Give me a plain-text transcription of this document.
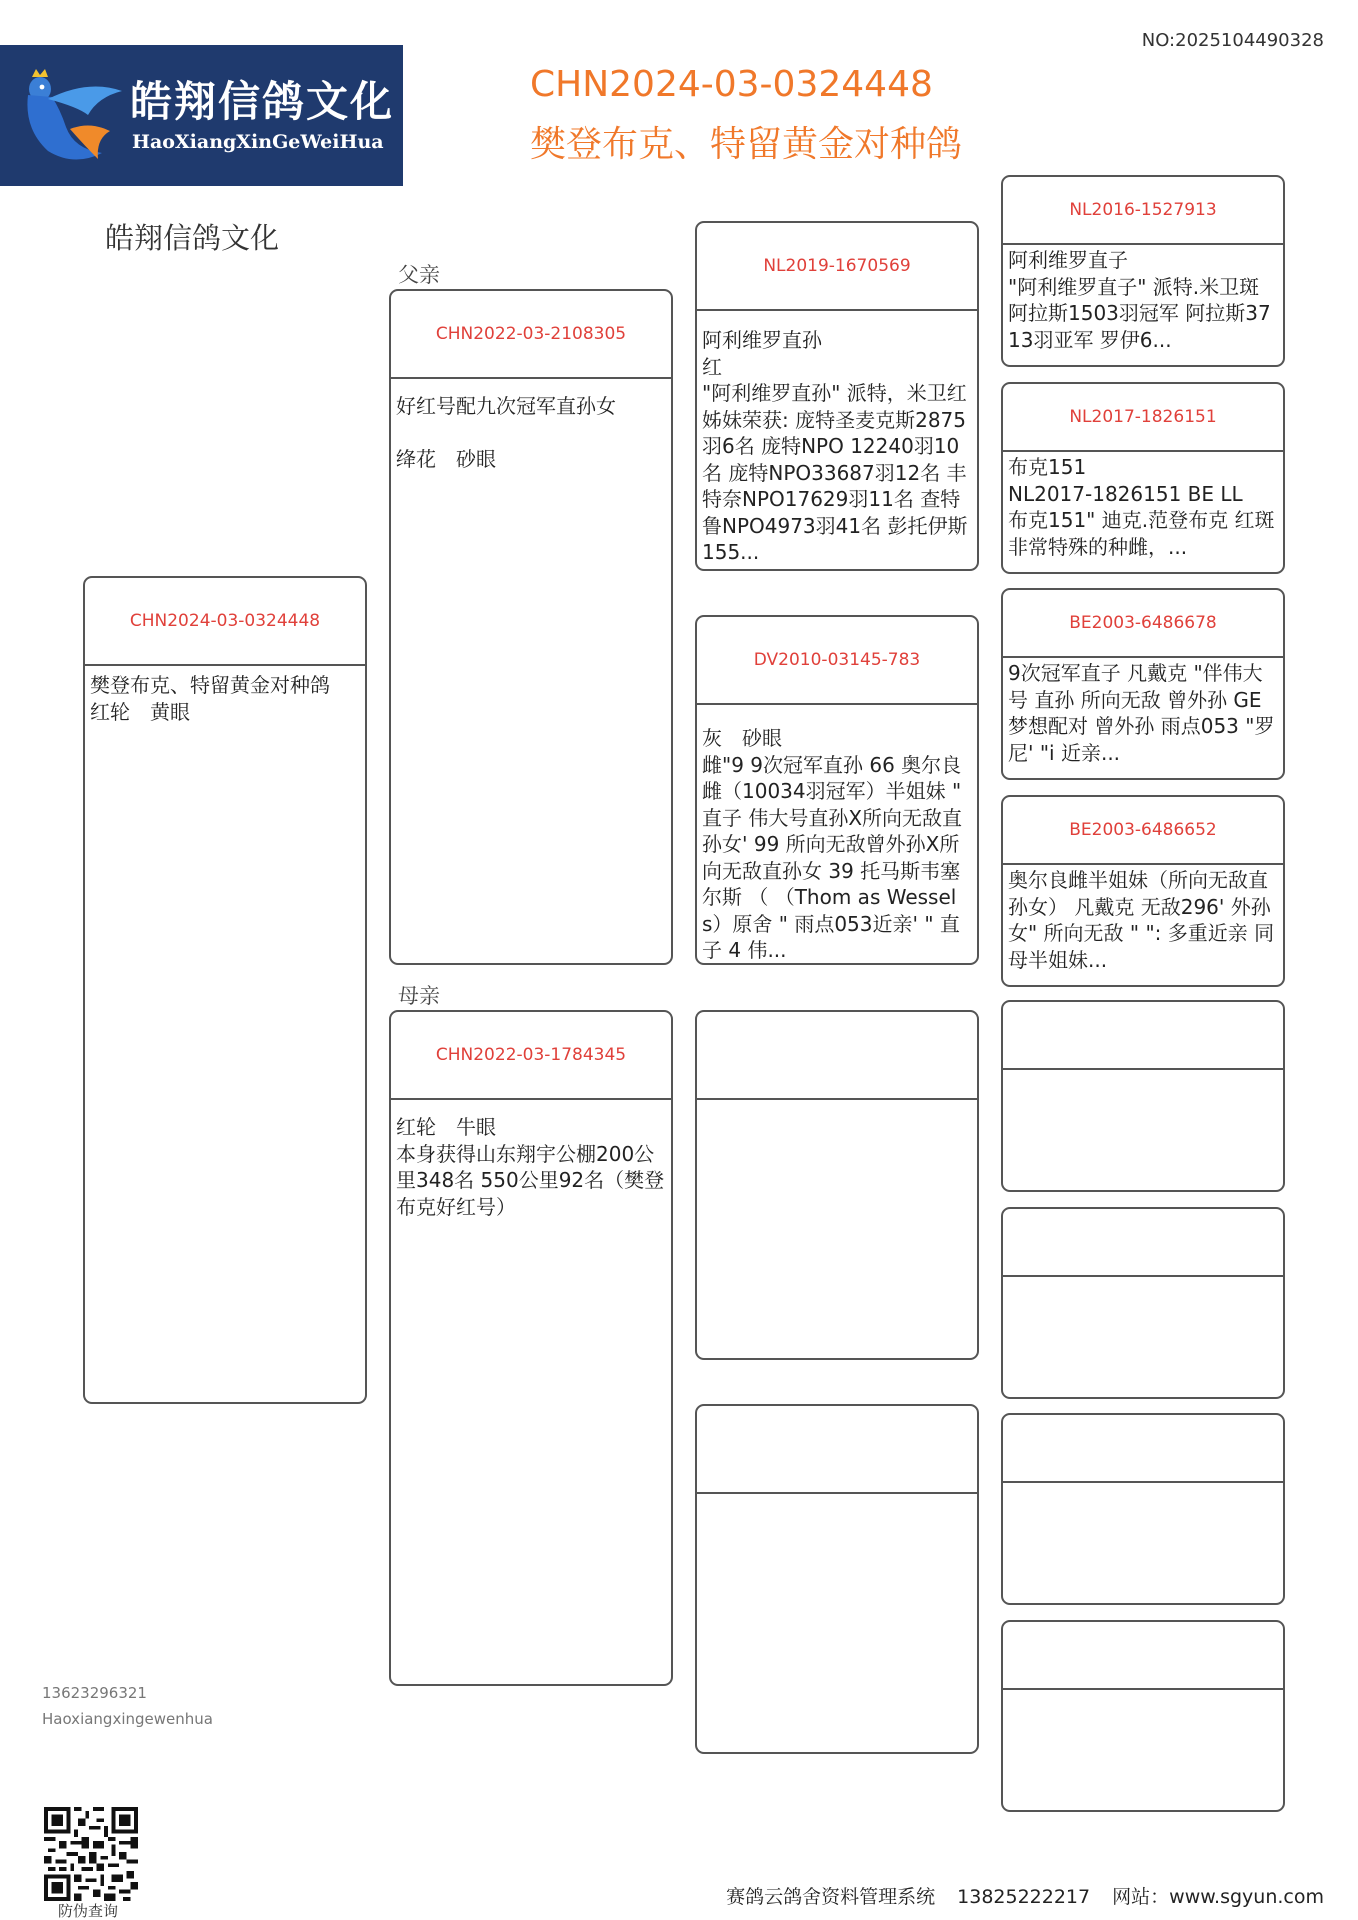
NO:2025104490328
皓翔信鸽文化
HaoXiangXinGeWeiHua
CHN2024-03-0324448
樊登布克、特留黄金对种鸽
皓翔信鸽文化
父亲
母亲
CHN2024-03-0324448
樊登布克、特留黄金对种鸽
红轮　黄眼
CHN2022-03-2108305
好红号配九次冠军直孙女

绛花　砂眼
CHN2022-03-1784345
红轮　牛眼
本身获得山东翔宇公棚200公里348名 550公里92名（樊登布克好红号）
NL2019-1670569
阿利维罗直孙
红
"阿利维罗直孙" 派特，米卫红 姊妹荣获: 庞特圣麦克斯2875羽6名 庞特NPO 12240羽10名 庞特NPO33687羽12名 丰特奈NPO17629羽11名 查特鲁NPO4973羽41名 彭托伊斯155...
DV2010-03145-783
灰　砂眼
雌"9 9次冠军直孙 66 奥尔良雌（10034羽冠军）半姐妹 " 直子 伟大号直孙X所向无敌直孙女' 99 所向无敌曾外孙X所向无敌直孙女 39 托马斯韦塞尔斯 （ （Thom as Wessels）原舍 " 雨点053近亲' " 直子 4 伟...
NL2016-1527913
阿利维罗直子
"阿利维罗直子" 派特.米卫斑 阿拉斯1503羽冠军 阿拉斯3713羽亚军 罗伊6...
NL2017-1826151
布克151
NL2017-1826151 BE LL
布克151" 迪克.范登布克 红斑 非常特殊的种雌，...
BE2003-6486678
9次冠军直子 凡戴克 "伴伟大号 直孙 所向无敌 曾外孙 GE 梦想配对 曾外孙 雨点053 "罗尼' "i 近亲...
BE2003-6486652
奥尔良雌半姐妹（所向无敌直孙女） 凡戴克 无敌296' 外孙女" 所向无敌 " ": 多重近亲 同母半姐妹...
13623296321
Haoxiangxingewenhua
防伪查询
赛鸽云鸽舍资料管理系统 13825222217 网站：www.sgyun.com
